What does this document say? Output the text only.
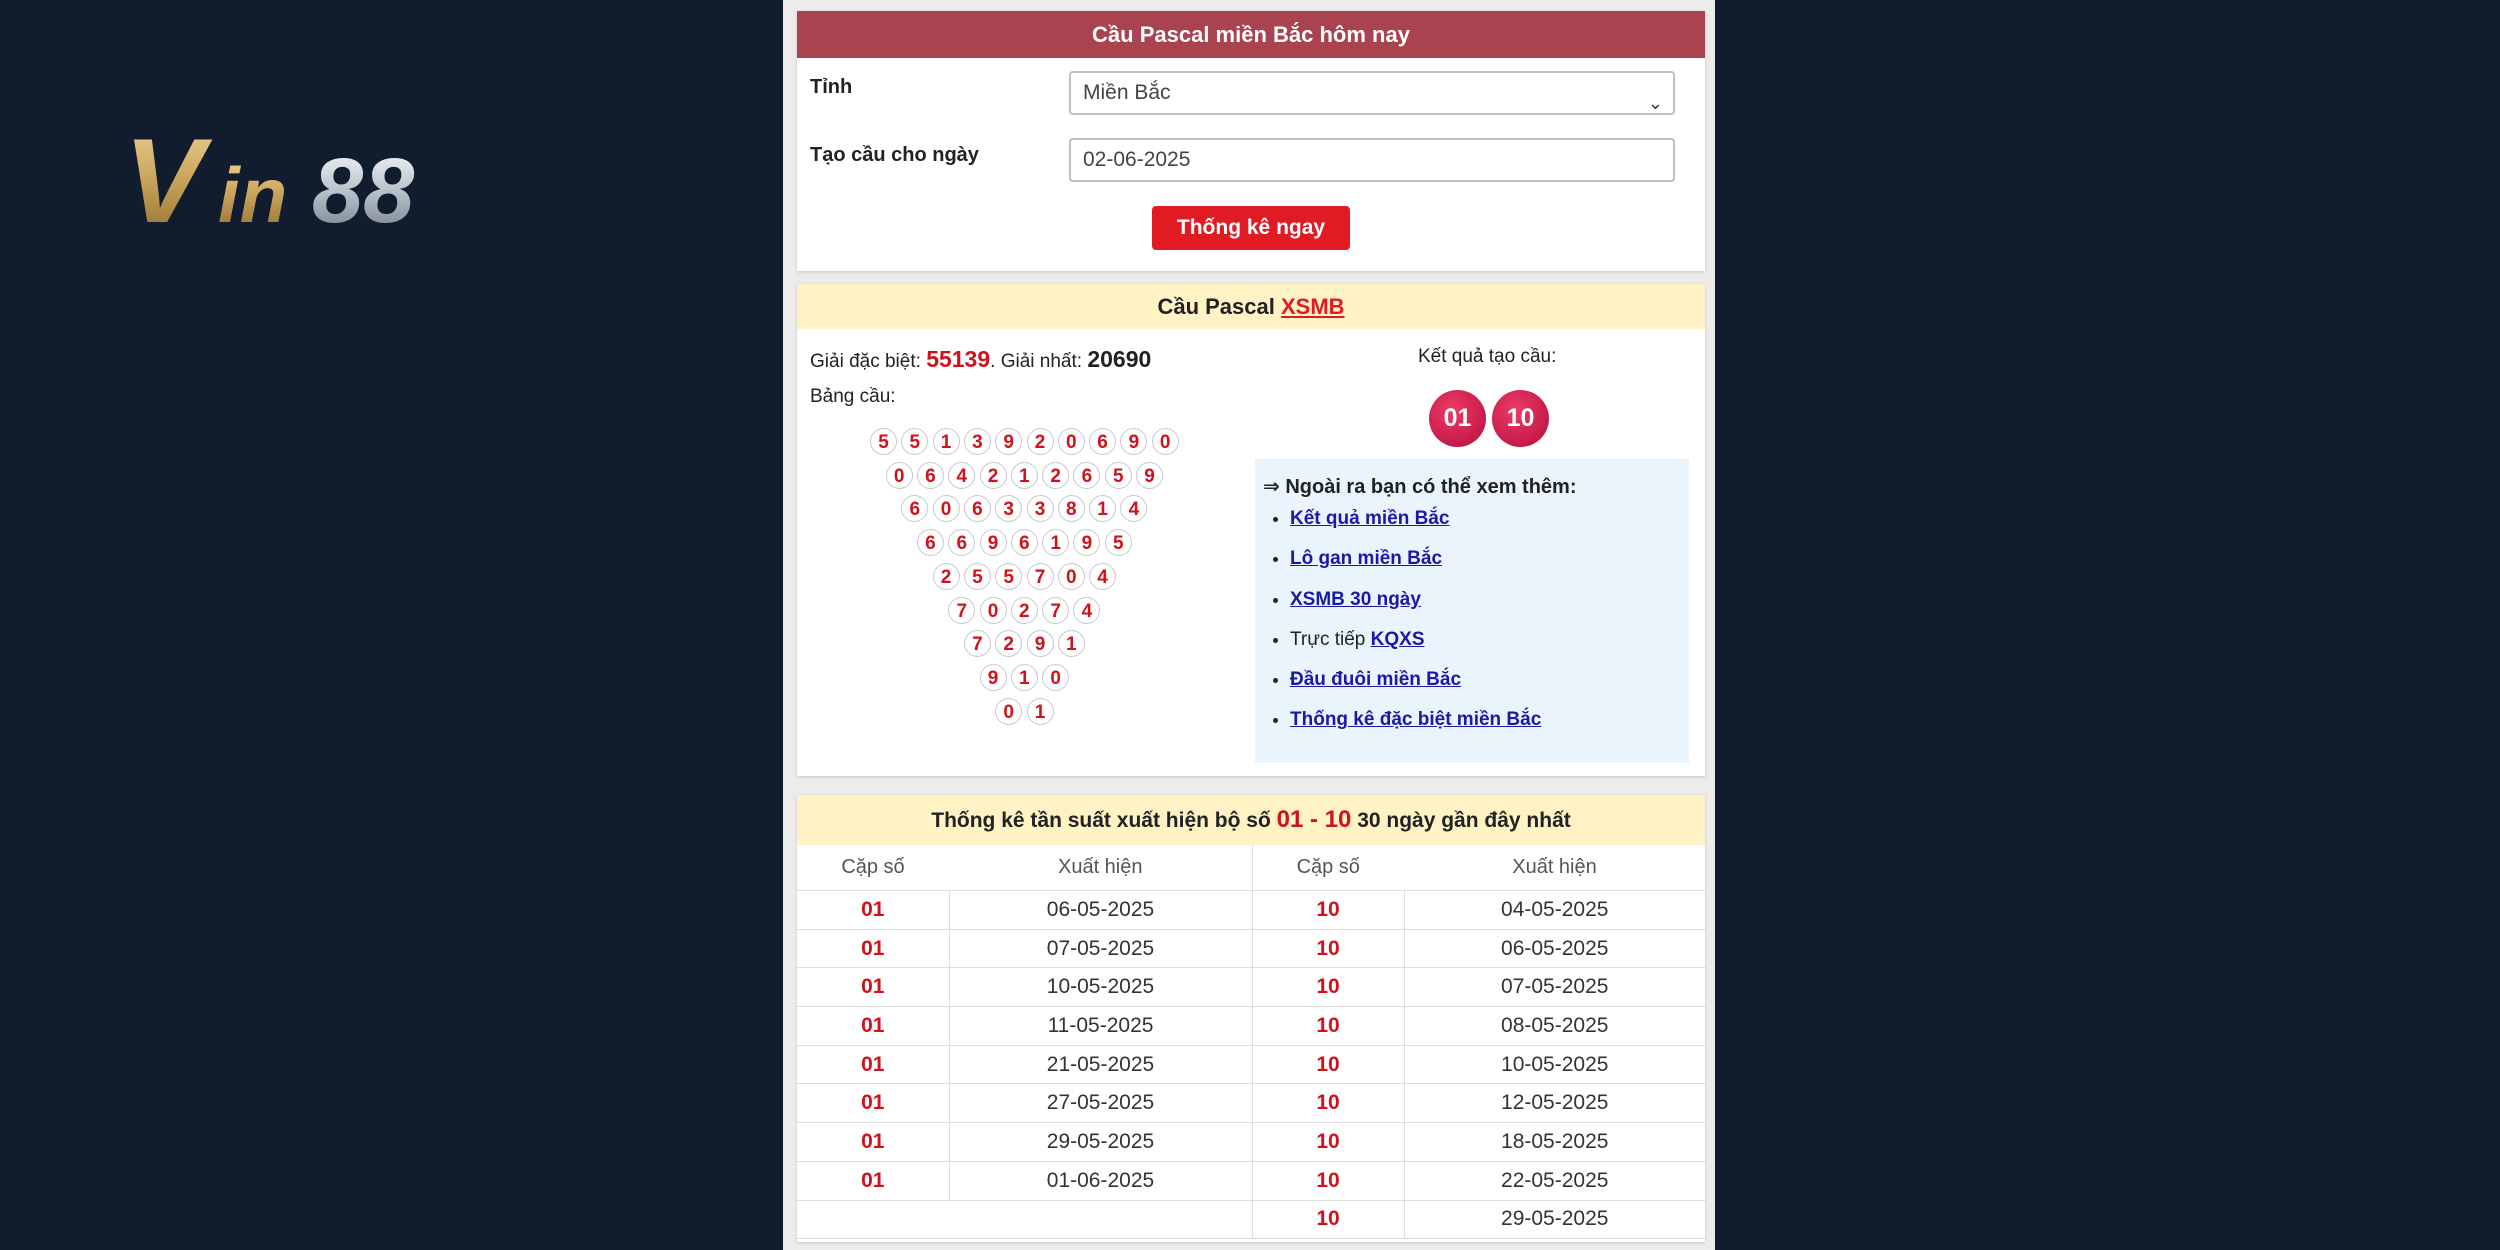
V in 88
Cầu Pascal miền Bắc hôm nay
Tỉnh	Miền Bắc	⌄
Tạo cầu cho ngày	02-06-2025
Thống kê ngay
Cầu Pascal XSMB
Giải đặc biệt: 55139. Giải nhất: 20690
Bảng cầu:
5	5	1	3	9	2	0	6	9	0
0	6	4	2	1	2	6	5	9
6	0	6	3	3	8	1	4
6	6	9	6	1	9	5
2	5	5	7	0	4
7	0	2	7	4
7	2	9	1
9	1	0
0	1
Kết quả tạo cầu:
01	10
⇒ Ngoài ra bạn có thể xem thêm:
• Kết quả miền Bắc
• Lô gan miền Bắc
• XSMB 30 ngày
• Trực tiếp KQXS
• Đầu đuôi miền Bắc
• Thống kê đặc biệt miền Bắc
Thống kê tần suất xuất hiện bộ số 01 - 10 30 ngày gần đây nhất
Cặp số	Xuất hiện	Cặp số	Xuất hiện
01	06-05-2025	10	04-05-2025
01	07-05-2025	10	06-05-2025
01	10-05-2025	10	07-05-2025
01	11-05-2025	10	08-05-2025
01	21-05-2025	10	10-05-2025
01	27-05-2025	10	12-05-2025
01	29-05-2025	10	18-05-2025
01	01-06-2025	10	22-05-2025
		10	29-05-2025
